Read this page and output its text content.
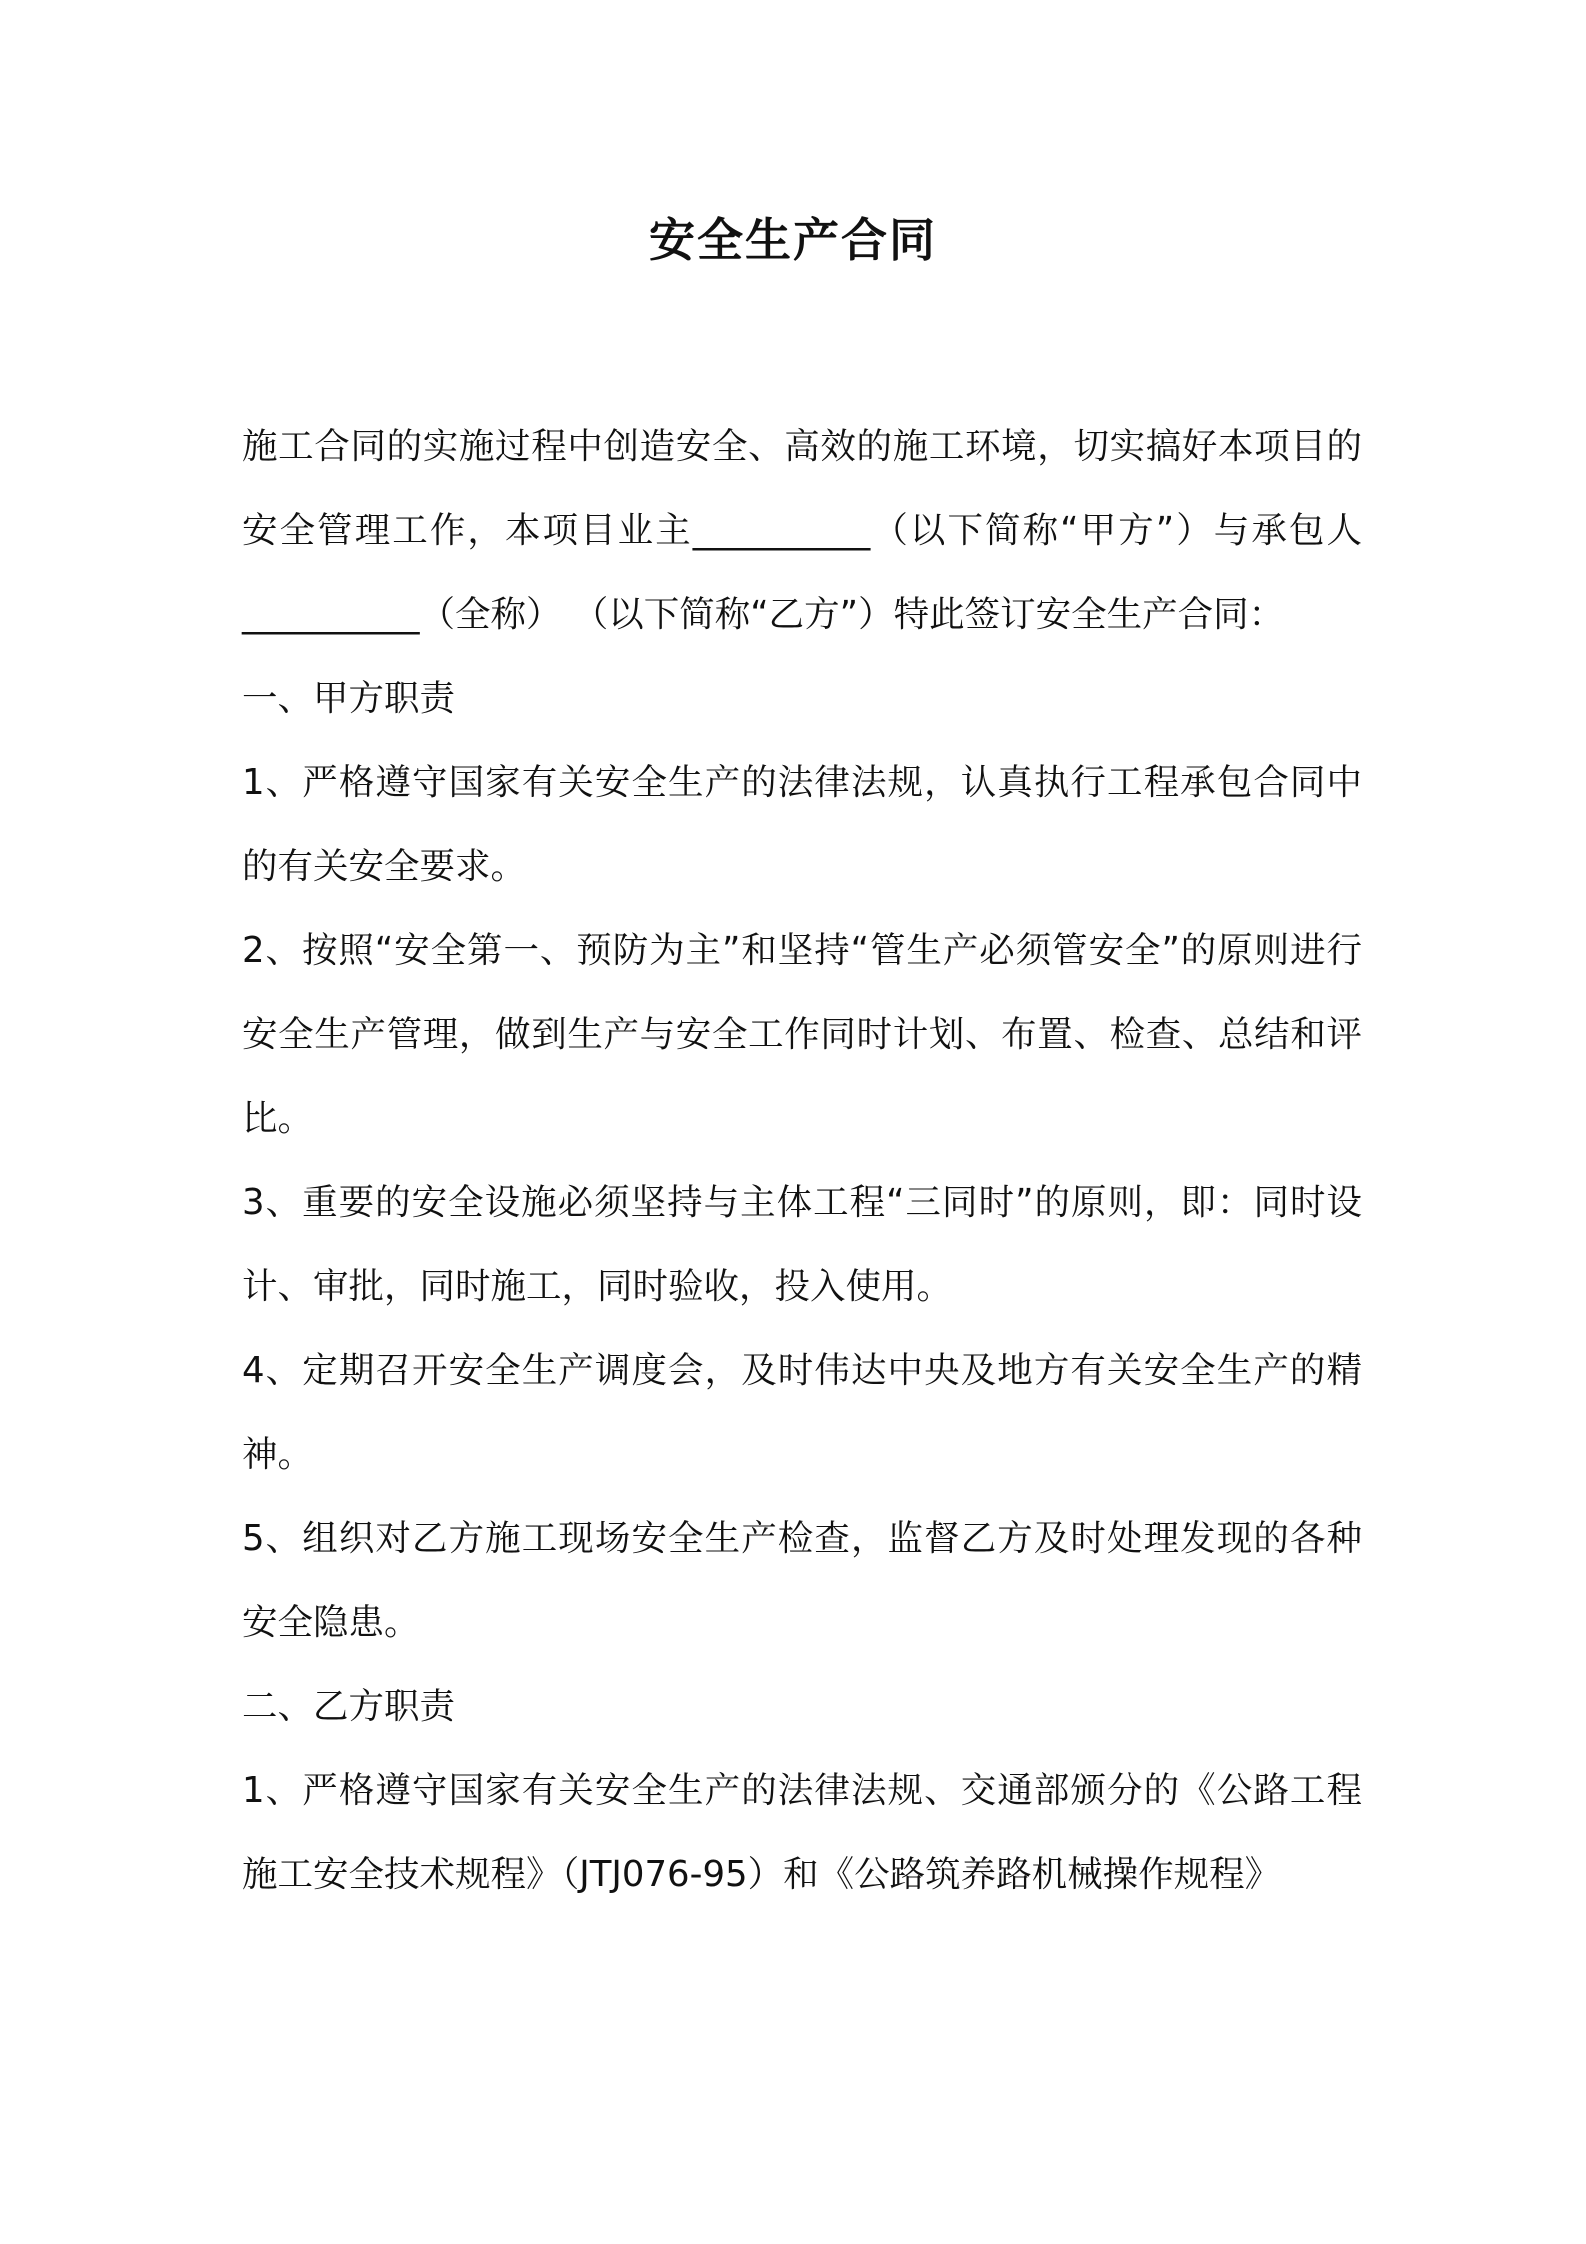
安全生产合同

施工合同的实施过程中创造安全、高效的施工环境，切实搞好本项目的安全管理工作，本项目业主__________（以下简称“甲方”）与承包人 __________（全称） （以下简称“乙方”）特此签订安全生产合同：

一、甲方职责

1、严格遵守国家有关安全生产的法律法规，认真执行工程承包合同中的有关安全要求。

2、按照“安全第一、预防为主”和坚持“管生产必须管安全”的原则进行安全生产管理，做到生产与安全工作同时计划、布置、检查、总结和评比。

3、重要的安全设施必须坚持与主体工程“三同时”的原则，即：同时设计、审批，同时施工，同时验收，投入使用。

4、定期召开安全生产调度会，及时伟达中央及地方有关安全生产的精神。

5、组织对乙方施工现场安全生产检查，监督乙方及时处理发现的各种安全隐患。

二、乙方职责

1、严格遵守国家有关安全生产的法律法规、交通部颁分的《公路工程施工安全技术规程》（JTJ076-95）和《公路筑养路机械操作规程》
